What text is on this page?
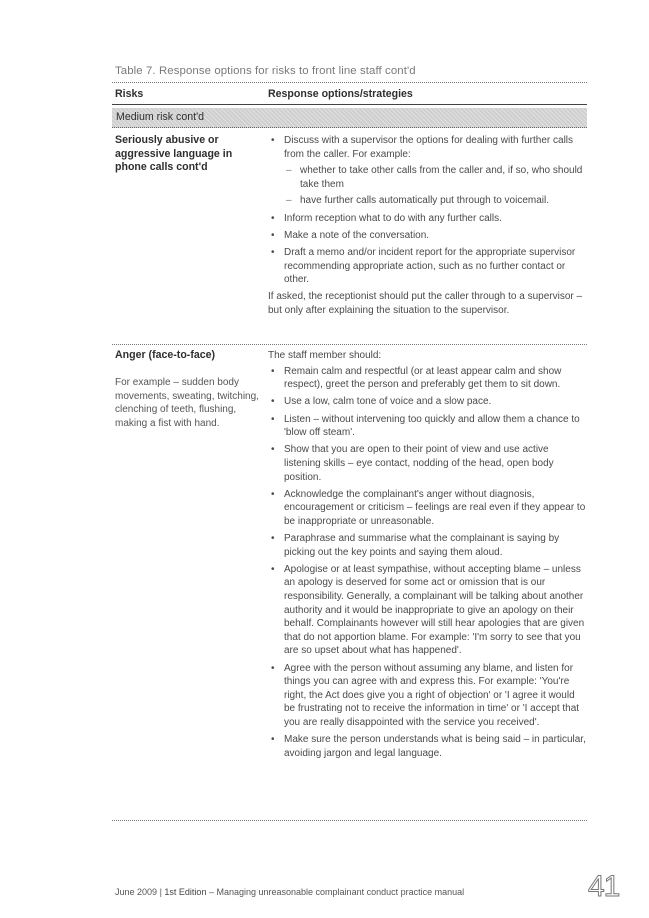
Table 7. Response options for risks to front line staff cont'd
Risks	Response options/strategies
Medium risk cont'd
Seriously abusive or aggressive language in phone calls cont'd
• Discuss with a supervisor the options for dealing with further calls from the caller. For example:
– whether to take other calls from the caller and, if so, who should take them
– have further calls automatically put through to voicemail.
• Inform reception what to do with any further calls.
• Make a note of the conversation.
• Draft a memo and/or incident report for the appropriate supervisor recommending appropriate action, such as no further contact or other.

If asked, the receptionist should put the caller through to a supervisor – but only after explaining the situation to the supervisor.

Anger (face-to-face)
For example – sudden body movements, sweating, twitching, clenching of teeth, flushing, making a fist with hand.

The staff member should:

• Remain calm and respectful (or at least appear calm and show respect), greet the person and preferably get them to sit down.
• Use a low, calm tone of voice and a slow pace.
• Listen – without intervening too quickly and allow them a chance to 'blow off steam'.
• Show that you are open to their point of view and use active listening skills – eye contact, nodding of the head, open body position.
• Acknowledge the complainant's anger without diagnosis, encouragement or criticism – feelings are real even if they appear to be inappropriate or unreasonable.
• Paraphrase and summarise what the complainant is saying by picking out the key points and saying them aloud.
• Apologise or at least sympathise, without accepting blame – unless an apology is deserved for some act or omission that is our responsibility. Generally, a complainant will be talking about another authority and it would be inappropriate to give an apology on their behalf. Complainants however will still hear apologies that are given that do not apportion blame. For example: 'I'm sorry to see that you are so upset about what has happened'.
• Agree with the person without assuming any blame, and listen for things you can agree with and express this. For example: 'You're right, the Act does give you a right of objection' or 'I agree it would be frustrating not to receive the information in time' or 'I accept that you are really disappointed with the service you received'.
• Make sure the person understands what is being said – in particular, avoiding jargon and legal language.
June 2009 | 1st Edition – Managing unreasonable complainant conduct practice manual	41
